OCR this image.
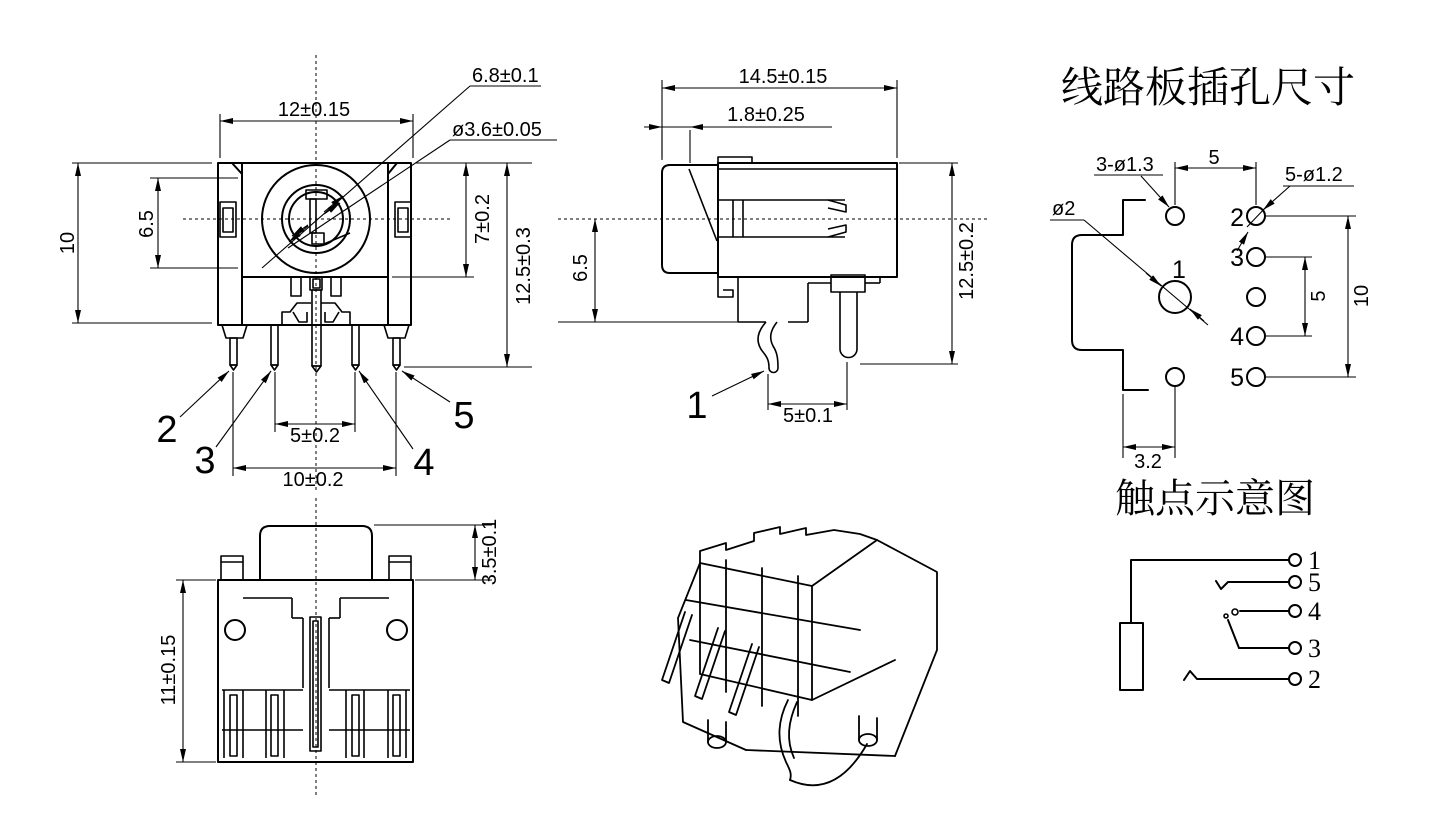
12±0.15
10
6.5	7±0.2
12.5±0.3
6.8±0.1
ø3.6±0.05
5±0.2
10±0.2
2
3	4
5
14.5±0.15
1.8±0.25
6.5	12.5±0.2
5±0.1
1
3.5±0.1
11±0.15
线路板插孔尺寸
3-ø1.3	5
5-ø1.2
ø2
5 10
3.2
1
2
3
4
5
触点示意图
1
5
4
3
2
